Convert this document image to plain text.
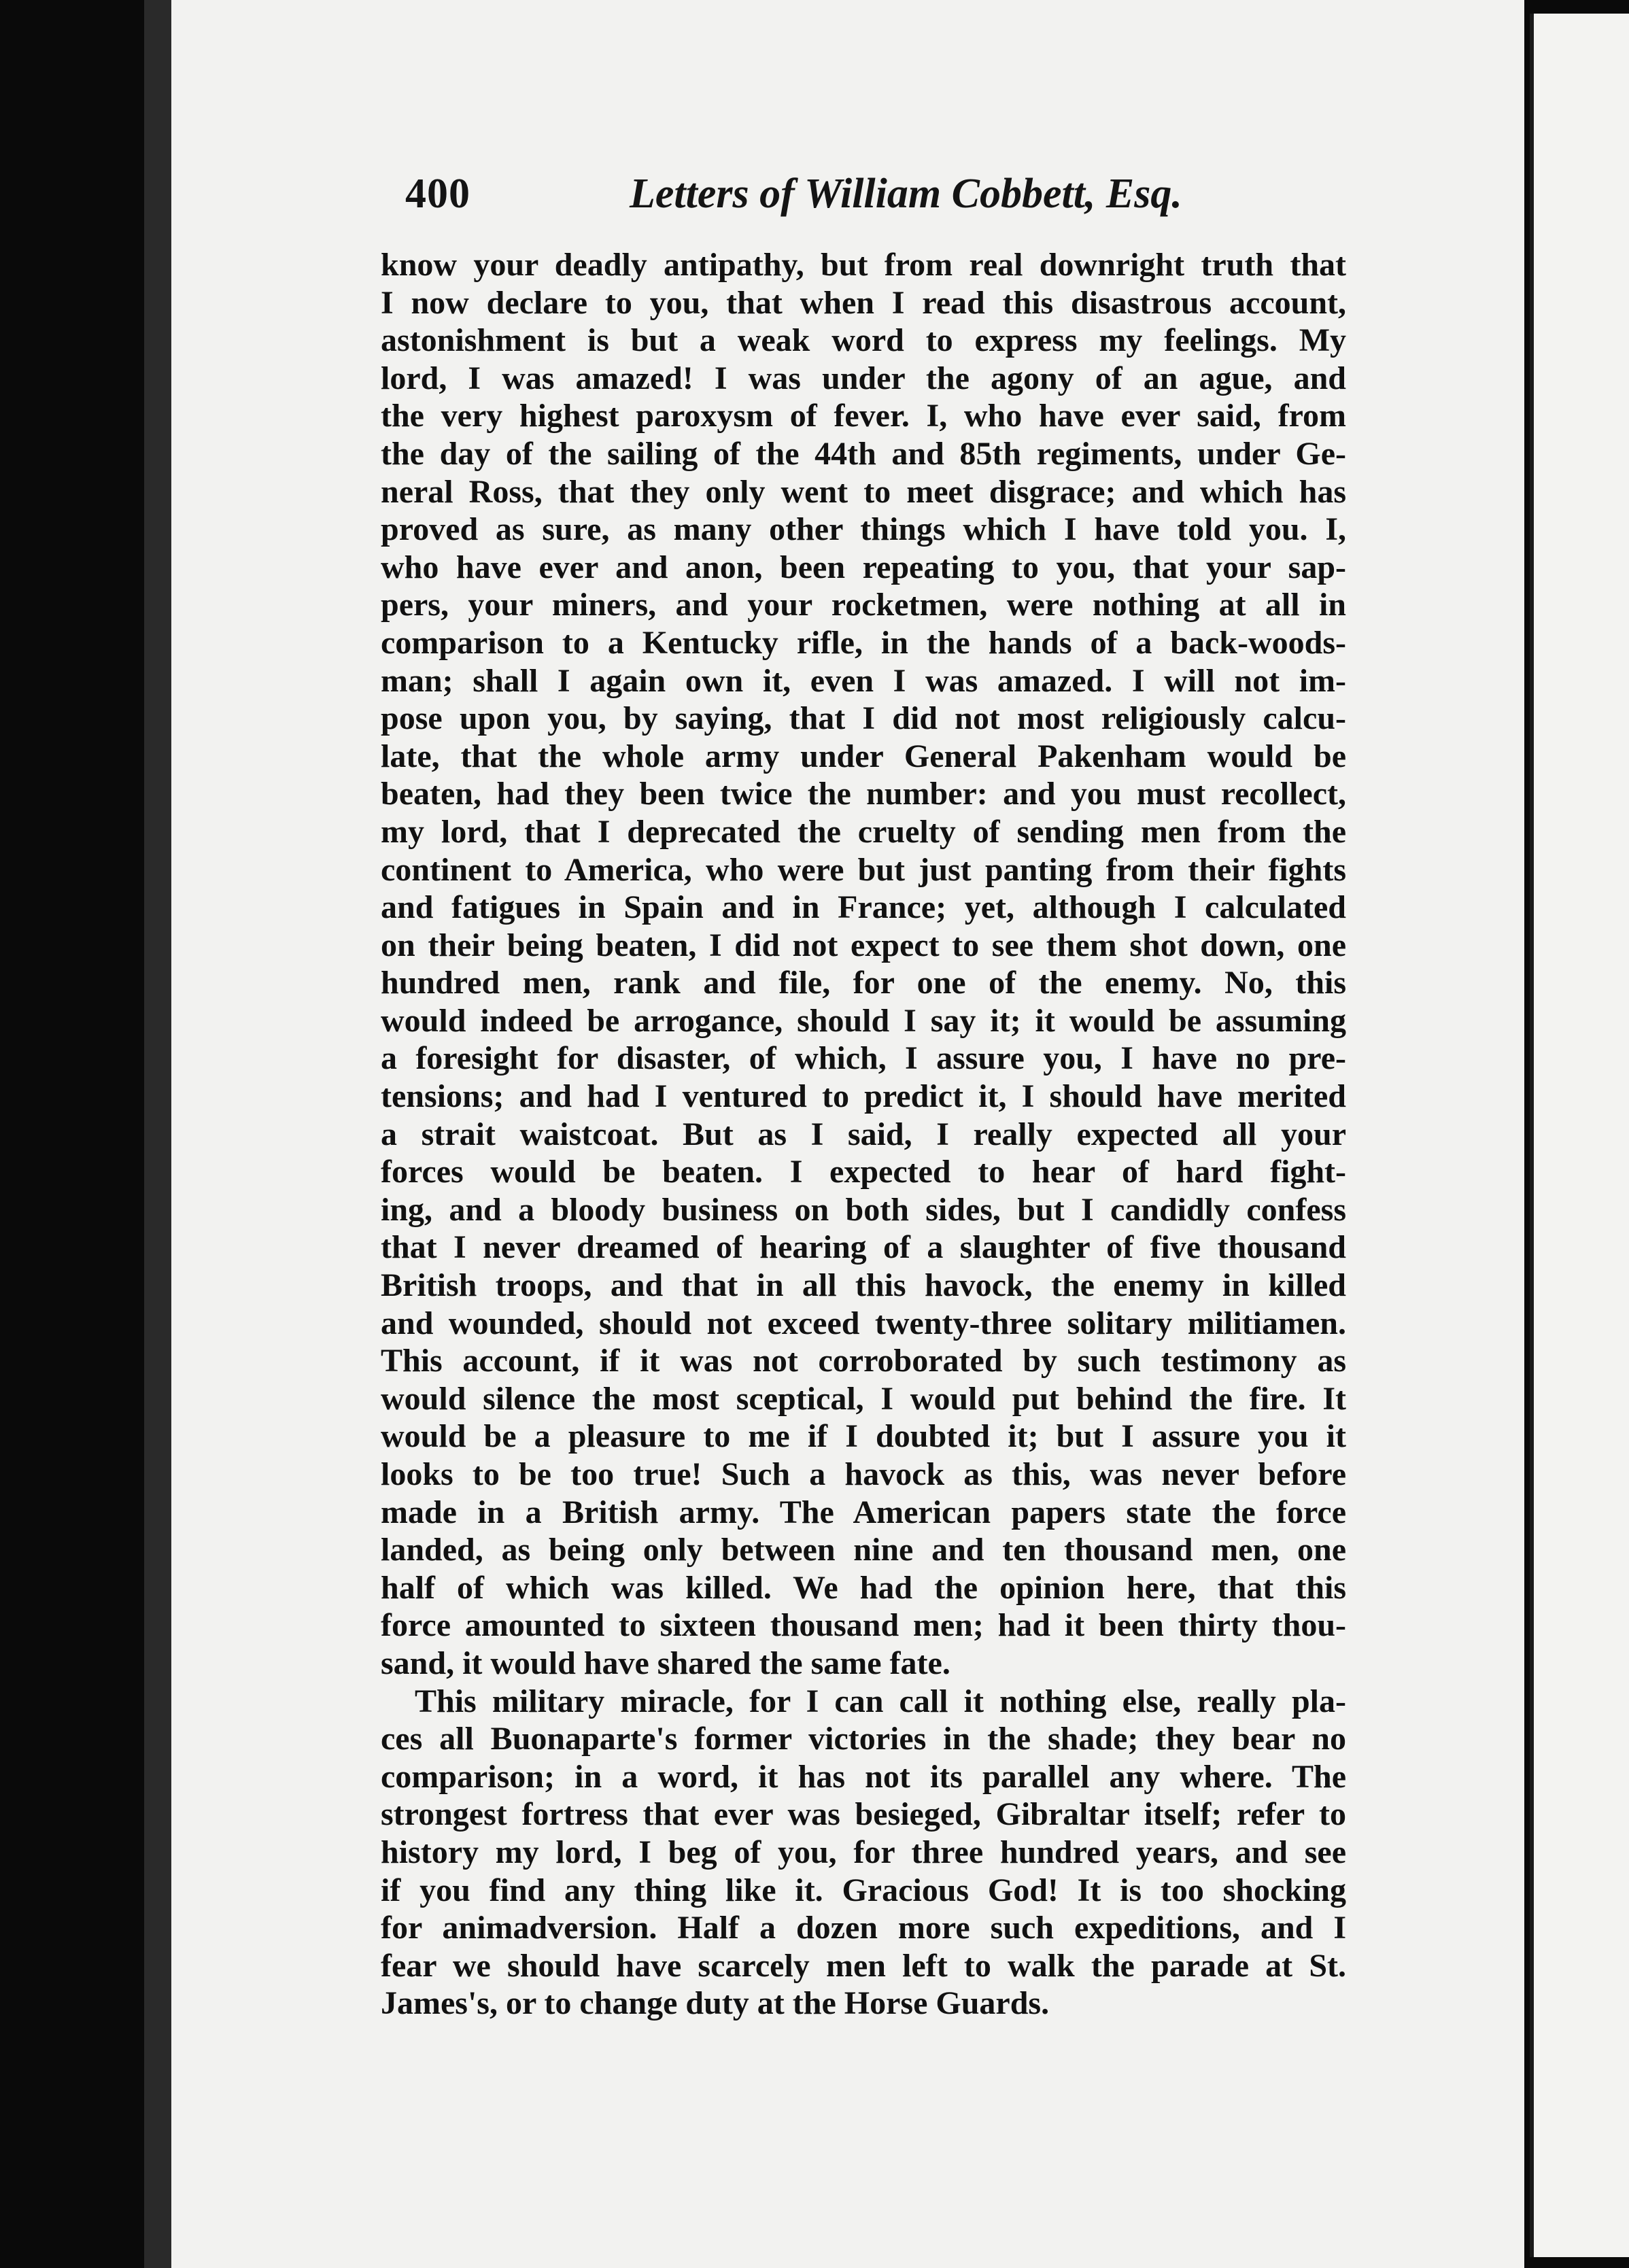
400	Letters of William Cobbett, Esq.
know your deadly antipathy, but from real downright truth that
I now declare to you, that when I read this disastrous account,
astonishment is but a weak word to express my feelings. My
lord, I was amazed! I was under the agony of an ague, and
the very highest paroxysm of fever. I, who have ever said, from
the day of the sailing of the 44th and 85th regiments, under Ge-
neral Ross, that they only went to meet disgrace; and which has
proved as sure, as many other things which I have told you. I,
who have ever and anon, been repeating to you, that your sap-
pers, your miners, and your rocketmen, were nothing at all in
comparison to a Kentucky rifle, in the hands of a back-woods-
man; shall I again own it, even I was amazed. I will not im-
pose upon you, by saying, that I did not most religiously calcu-
late, that the whole army under General Pakenham would be
beaten, had they been twice the number: and you must recollect,
my lord, that I deprecated the cruelty of sending men from the
continent to America, who were but just panting from their fights
and fatigues in Spain and in France; yet, although I calculated
on their being beaten, I did not expect to see them shot down, one
hundred men, rank and file, for one of the enemy. No, this
would indeed be arrogance, should I say it; it would be assuming
a foresight for disaster, of which, I assure you, I have no pre-
tensions; and had I ventured to predict it, I should have merited
a strait waistcoat. But as I said, I really expected all your
forces would be beaten. I expected to hear of hard fight-
ing, and a bloody business on both sides, but I candidly confess
that I never dreamed of hearing of a slaughter of five thousand
British troops, and that in all this havock, the enemy in killed
and wounded, should not exceed twenty-three solitary militiamen.
This account, if it was not corroborated by such testimony as
would silence the most sceptical, I would put behind the fire. It
would be a pleasure to me if I doubted it; but I assure you it
looks to be too true! Such a havock as this, was never before
made in a British army. The American papers state the force
landed, as being only between nine and ten thousand men, one
half of which was killed. We had the opinion here, that this
force amounted to sixteen thousand men; had it been thirty thou-
sand, it would have shared the same fate.
This military miracle, for I can call it nothing else, really pla-
ces all Buonaparte's former victories in the shade; they bear no
comparison; in a word, it has not its parallel any where. The
strongest fortress that ever was besieged, Gibraltar itself; refer to
history my lord, I beg of you, for three hundred years, and see
if you find any thing like it. Gracious God! It is too shocking
for animadversion. Half a dozen more such expeditions, and I
fear we should have scarcely men left to walk the parade at St.
James's, or to change duty at the Horse Guards.
